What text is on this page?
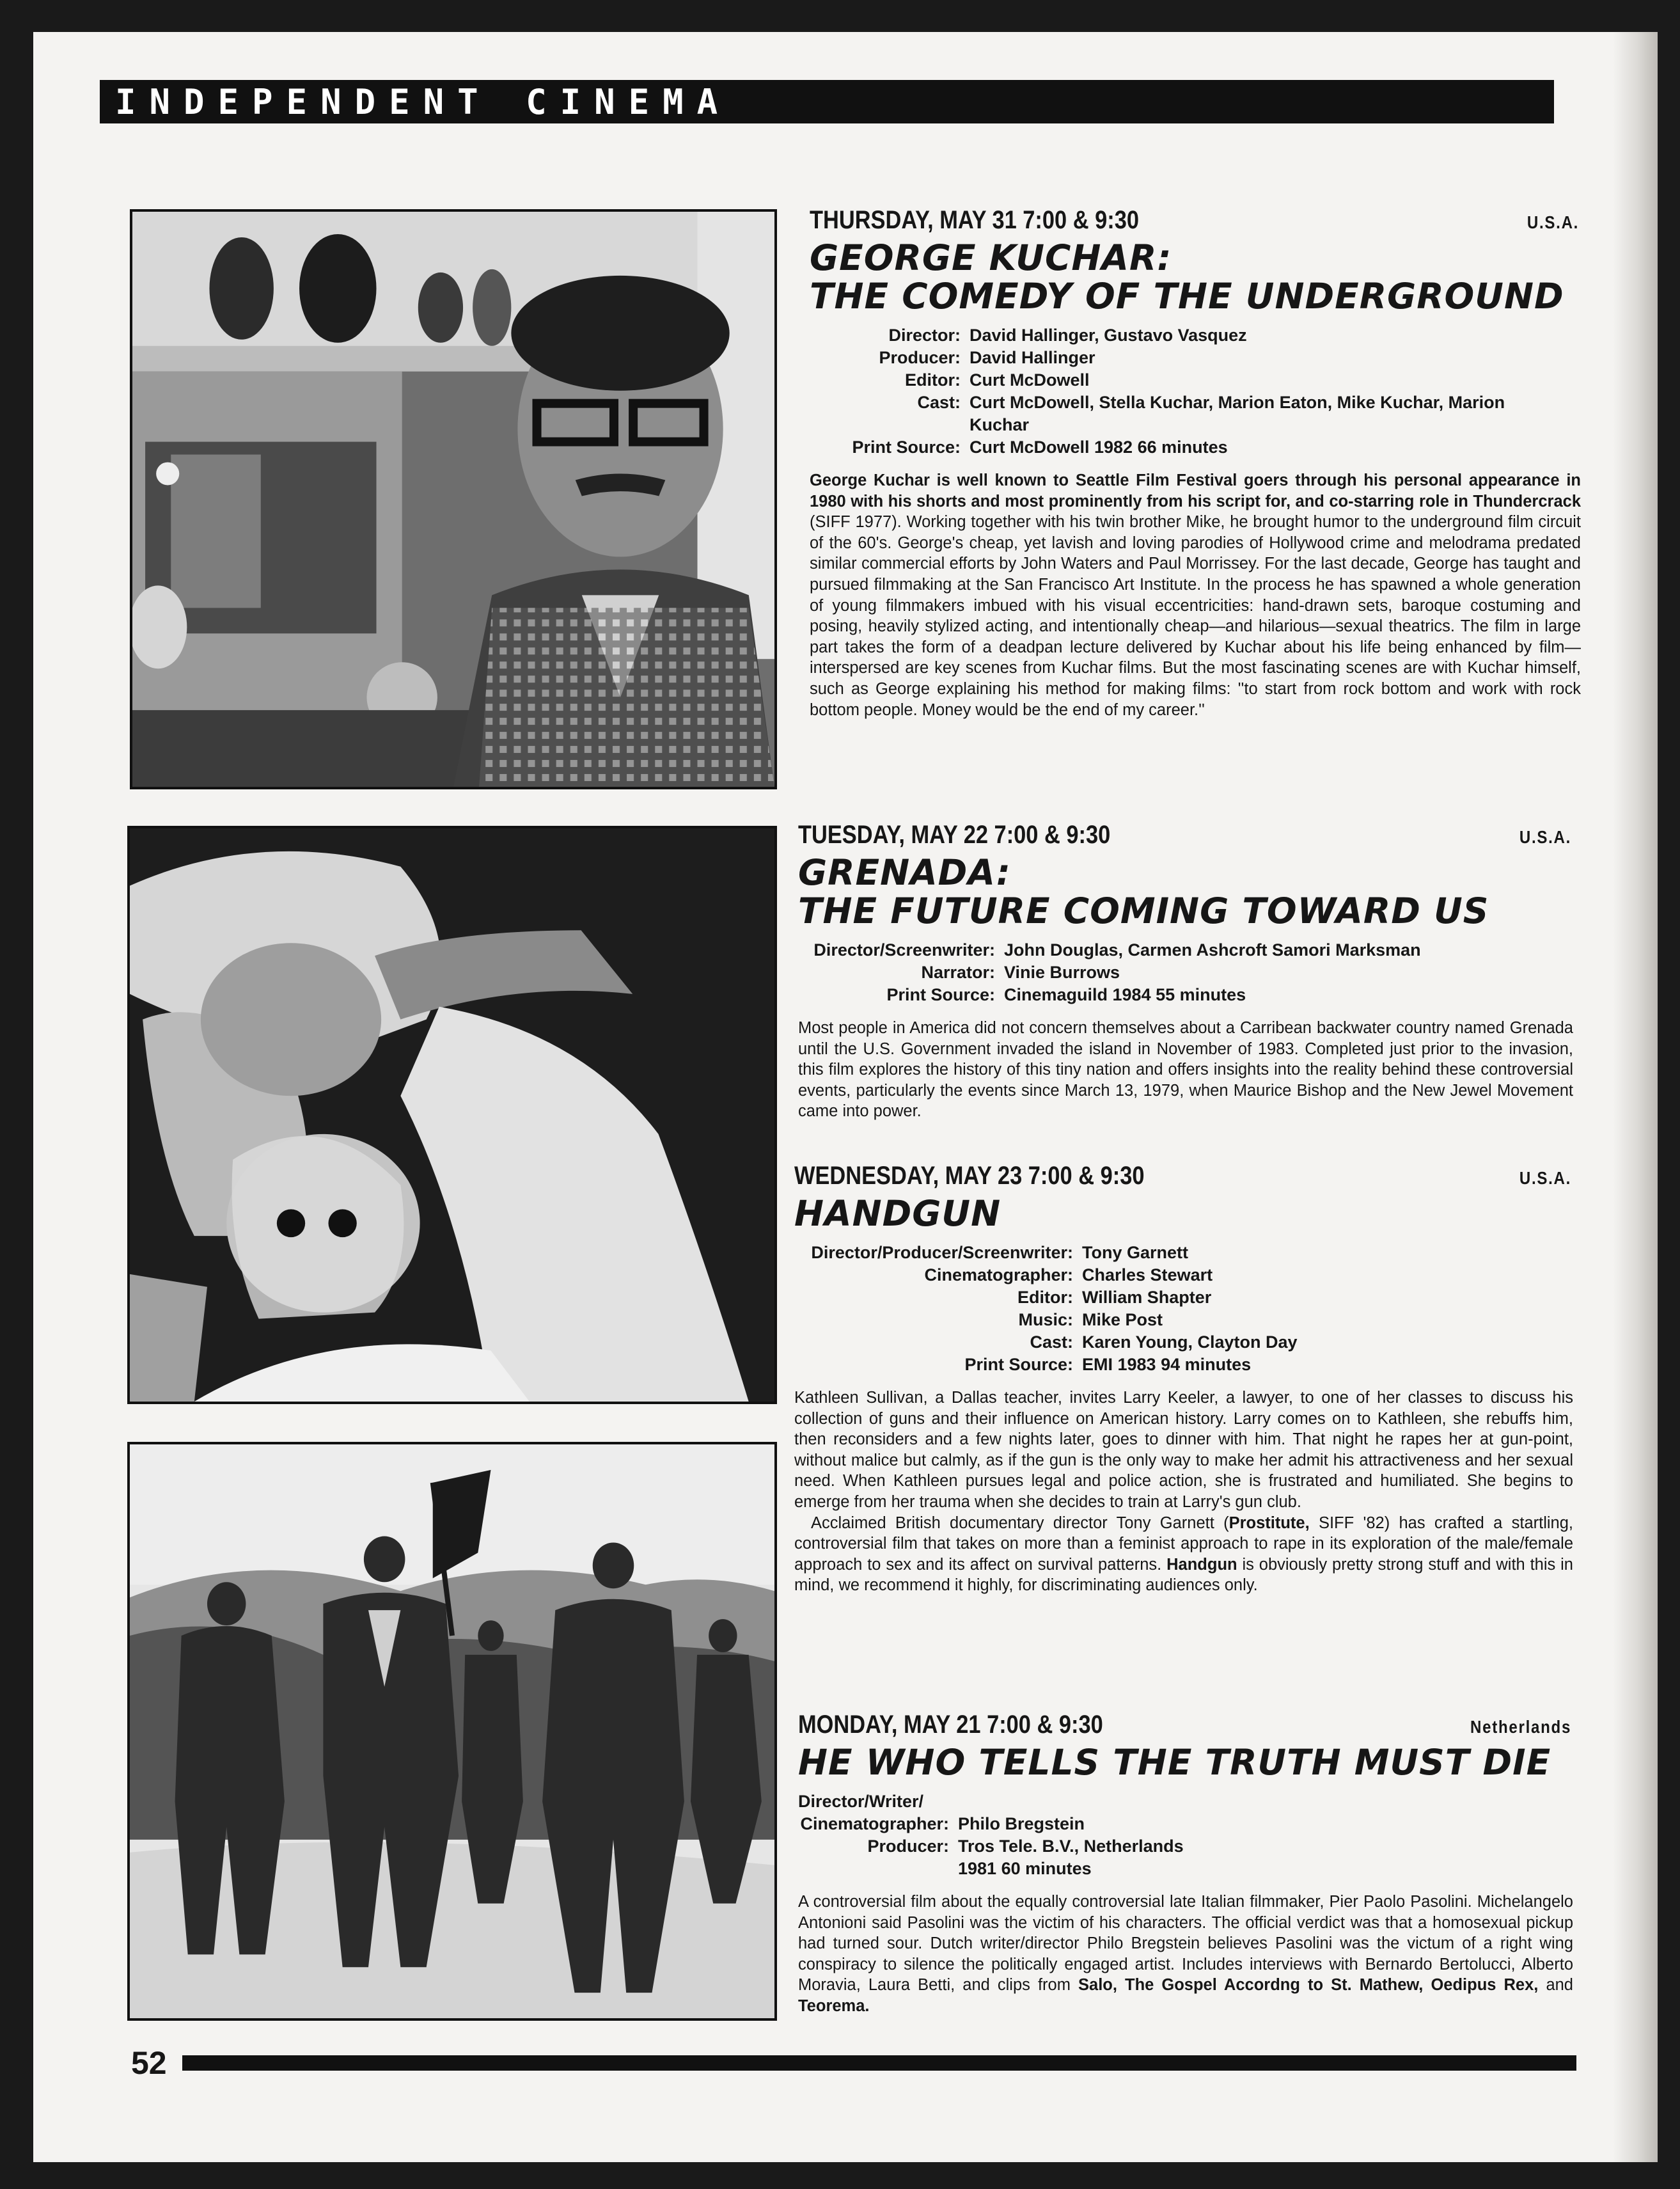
INDEPENDENT CINEMA
THURSDAY, MAY 31 7:00 & 9:30	U.S.A.
GEORGE KUCHAR:
THE COMEDY OF THE UNDERGROUND
Director: David Hallinger, Gustavo Vasquez
Producer: David Hallinger
Editor: Curt McDowell
Cast: Curt McDowell, Stella Kuchar, Marion Eaton, Mike Kuchar, Marion Kuchar
Print Source: Curt McDowell 1982 66 minutes
George Kuchar is well known to Seattle Film Festival goers through his personal appearance in 1980 with his shorts and most prominently from his script for, and co-starring role in Thundercrack (SIFF 1977). Working together with his twin brother Mike, he brought humor to the underground film circuit of the 60's. George's cheap, yet lavish and loving parodies of Hollywood crime and melodrama predated similar commercial efforts by John Waters and Paul Morrissey. For the last decade, George has taught and pursued filmmaking at the San Francisco Art Institute. In the process he has spawned a whole generation of young filmmakers imbued with his visual eccentricities: hand-drawn sets, baroque costuming and posing, heavily stylized acting, and intentionally cheap—and hilarious—sexual theatrics. The film in large part takes the form of a deadpan lecture delivered by Kuchar about his life being enhanced by film—interspersed are key scenes from Kuchar films. But the most fascinating scenes are with Kuchar himself, such as George explaining his method for making films: ''to start from rock bottom and work with rock bottom people. Money would be the end of my career.''
TUESDAY, MAY 22 7:00 & 9:30	U.S.A.
GRENADA:
THE FUTURE COMING TOWARD US
Director/Screenwriter: John Douglas, Carmen Ashcroft Samori Marksman
Narrator: Vinie Burrows
Print Source: Cinemaguild 1984 55 minutes
Most people in America did not concern themselves about a Carribean backwater country named Grenada until the U.S. Government invaded the island in November of 1983. Completed just prior to the invasion, this film explores the history of this tiny nation and offers insights into the reality behind these controversial events, particularly the events since March 13, 1979, when Maurice Bishop and the New Jewel Movement came into power.
WEDNESDAY, MAY 23 7:00 & 9:30	U.S.A.
HANDGUN
Director/Producer/Screenwriter: Tony Garnett
Cinematographer: Charles Stewart
Editor: William Shapter
Music: Mike Post
Cast: Karen Young, Clayton Day
Print Source: EMI 1983 94 minutes
Kathleen Sullivan, a Dallas teacher, invites Larry Keeler, a lawyer, to one of her classes to discuss his collection of guns and their influence on American history. Larry comes on to Kathleen, she rebuffs him, then reconsiders and a few nights later, goes to dinner with him. That night he rapes her at gun-point, without malice but calmly, as if the gun is the only way to make her admit his attractiveness and her sexual need. When Kathleen pursues legal and police action, she is frustrated and humiliated. She begins to emerge from her trauma when she decides to train at Larry's gun club.
Acclaimed British documentary director Tony Garnett (Prostitute, SIFF '82) has crafted a startling, controversial film that takes on more than a feminist approach to rape in its exploration of the male/female approach to sex and its affect on survival patterns. Handgun is obviously pretty strong stuff and with this in mind, we recommend it highly, for discriminating audiences only.
MONDAY, MAY 21 7:00 & 9:30	Netherlands
HE WHO TELLS THE TRUTH MUST DIE
Director/Writer/
Cinematographer: Philo Bregstein
Producer: Tros Tele. B.V., Netherlands
1981 60 minutes
A controversial film about the equally controversial late Italian filmmaker, Pier Paolo Pasolini. Michelangelo Antonioni said Pasolini was the victim of his characters. The official verdict was that a homosexual pickup had turned sour. Dutch writer/director Philo Bregstein believes Pasolini was the victum of a right wing conspiracy to silence the politically engaged artist. Includes interviews with Bernardo Bertolucci, Alberto Moravia, Laura Betti, and clips from Salo, The Gospel Accordng to St. Mathew, Oedipus Rex, and Teorema.
52
